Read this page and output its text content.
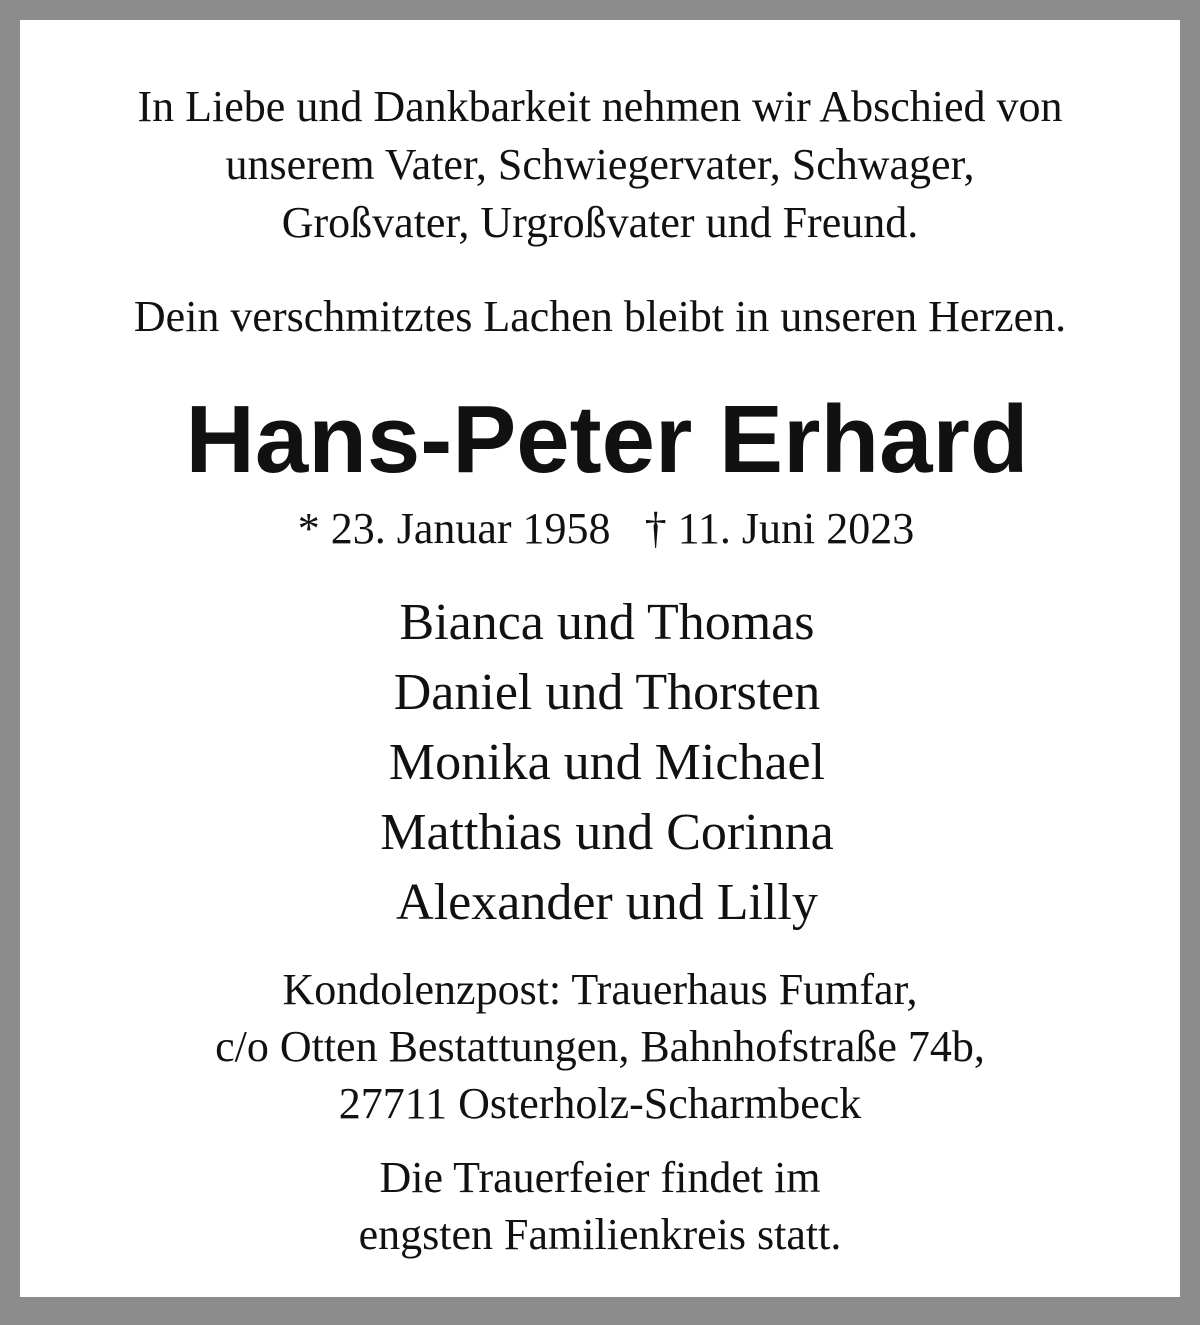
In Liebe und Dankbarkeit nehmen wir Abschied von
unserem Vater, Schwiegervater, Schwager,
Großvater, Urgroßvater und Freund.
Dein verschmitztes Lachen bleibt in unseren Herzen.
Hans-Peter Erhard
* 23. Januar 1958 † 11. Juni 2023
Bianca und Thomas
Daniel und Thorsten
Monika und Michael
Matthias und Corinna
Alexander und Lilly
Kondolenzpost: Trauerhaus Fumfar,
c/o Otten Bestattungen, Bahnhofstraße 74b,
27711 Osterholz-Scharmbeck
Die Trauerfeier findet im
engsten Familienkreis statt.
